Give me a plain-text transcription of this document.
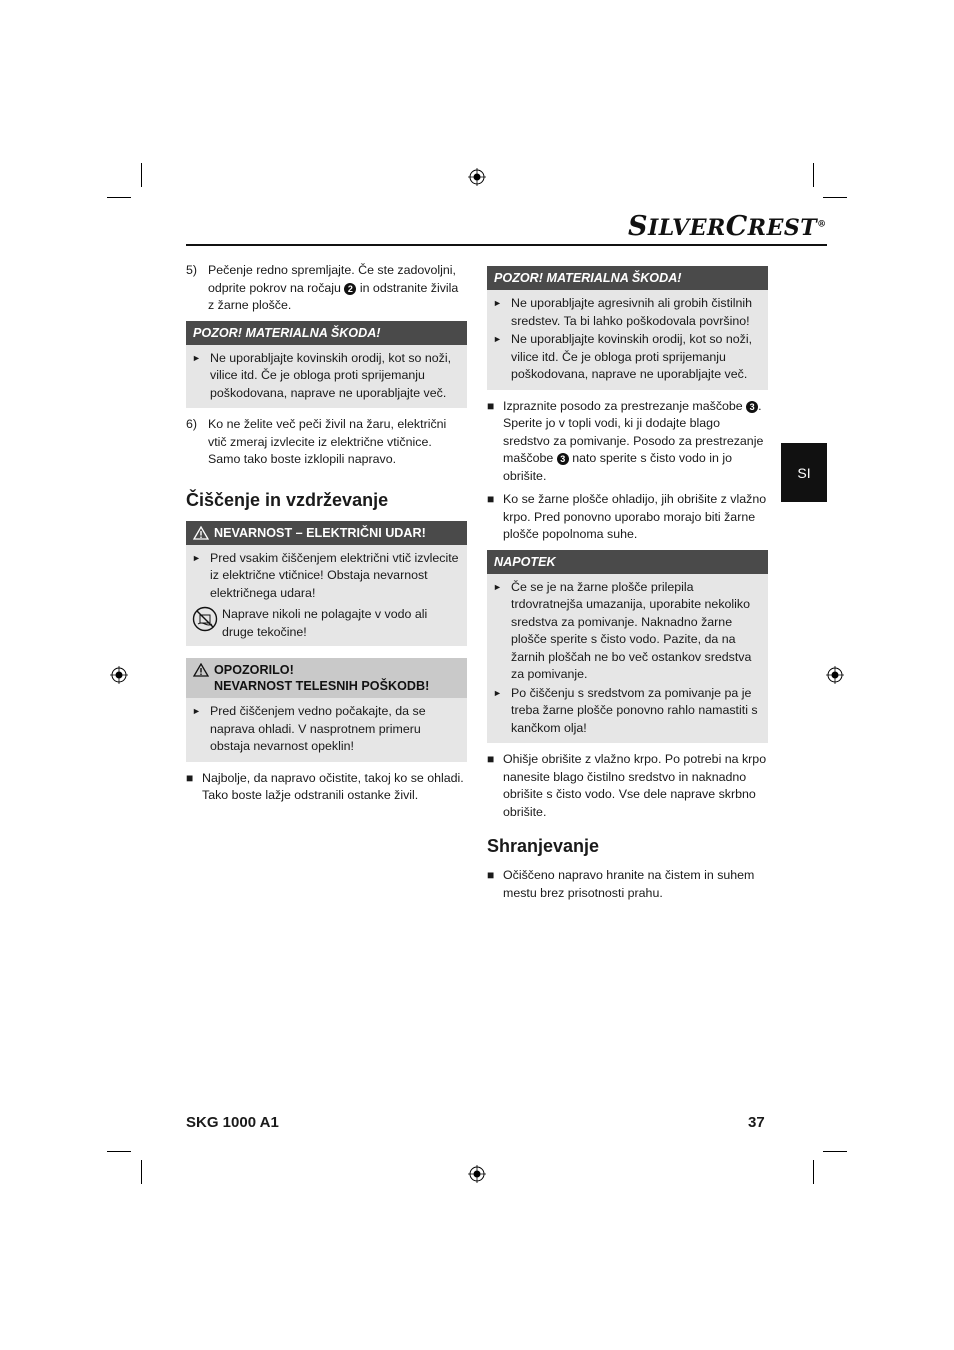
SILVERCREST®
SI
5) Pečenje redno spremljajte. Če ste zadovoljni, odprite pokrov na ročaju 2 in odstranite živila z žarne plošče.
POZOR! MATERIALNA ŠKODA!
► Ne uporabljajte kovinskih orodij, kot so noži, vilice itd. Če je obloga proti sprijemanju poškodovana, naprave ne uporabljajte več.
6) Ko ne želite več peči živil na žaru, električni vtič zmeraj izvlecite iz električne vtičnice. Samo tako boste izklopili napravo.
Čiščenje in vzdrževanje
NEVARNOST – ELEKTRIČNI UDAR!
► Pred vsakim čiščenjem električni vtič izvlecite iz električne vtičnice! Obstaja nevarnost električnega udara!
Naprave nikoli ne polagajte v vodo ali druge tekočine!
OPOZORILO!
NEVARNOST TELESNIH POŠKODB!
► Pred čiščenjem vedno počakajte, da se naprava ohladi. V nasprotnem primeru obstaja nevarnost opeklin!
■ Najbolje, da napravo očistite, takoj ko se ohladi. Tako boste lažje odstranili ostanke živil.
POZOR! MATERIALNA ŠKODA!
► Ne uporabljajte agresivnih ali grobih čistilnih sredstev. Ta bi lahko poškodovala površino!
► Ne uporabljajte kovinskih orodij, kot so noži, vilice itd. Če je obloga proti sprijemanju poškodovana, naprave ne uporabljajte več.
■ Izpraznite posodo za prestrezanje maščobe 3 . Sperite jo v topli vodi, ki ji dodajte blago sredstvo za pomivanje. Posodo za prestrezanje maščobe 3 nato sperite s čisto vodo in jo obrišite.
■ Ko se žarne plošče ohladijo, jih obrišite z vlažno krpo. Pred ponovno uporabo morajo biti žarne plošče popolnoma suhe.
NAPOTEK
► Če se je na žarne plošče prilepila trdovratneјša umazanija, uporabite nekoliko sredstva za pomivanje. Naknadno žarne plošče sperite s čisto vodo. Pazite, da na žarnih ploščah ne bo več ostankov sredstva za pomivanje.
► Po čiščenju s sredstvom za pomivanje pa je treba žarne plošče ponovno rahlo namastiti s kančkom olja!
■ Ohišje obrišite z vlažno krpo. Po potrebi na krpo nanesite blago čistilno sredstvo in naknadno obrišite s čisto vodo. Vse dele naprave skrbno obrišite.
Shranjevanje
■ Očiščeno napravo hranite na čistem in suhem mestu brez prisotnosti prahu.
SKG 1000 A1	37
